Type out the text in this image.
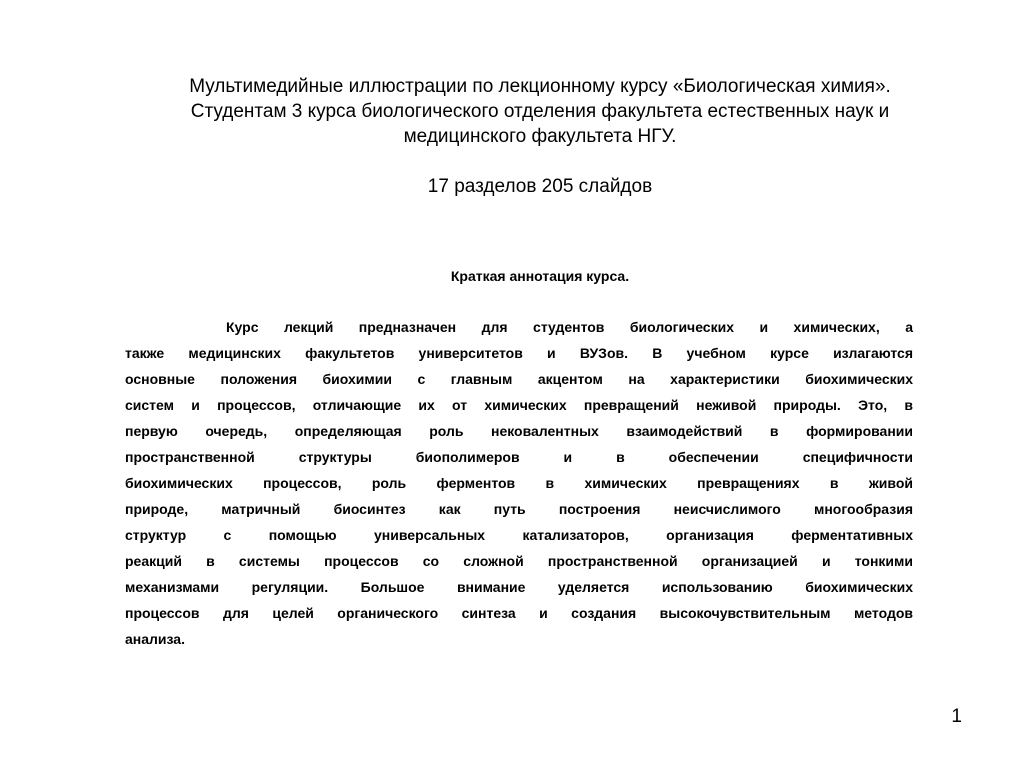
Мультимедийные иллюстрации по лекционному курсу «Биологическая химия».
Студентам 3 курса биологического отделения факультета естественных наук и
медицинского факультета НГУ.
17 разделов 205 слайдов
Краткая аннотация курса.
Курс лекций предназначен для студентов биологических и химических, а
также медицинских факультетов университетов и ВУЗов. В учебном курсе излагаются
основные положения биохимии с главным акцентом на характеристики биохимических
систем и процессов, отличающие их от химических превращений неживой природы. Это, в
первую очередь, определяющая роль нековалентных взаимодействий в формировании
пространственной структуры биополимеров и в обеспечении специфичности
биохимических процессов, роль ферментов в химических превращениях в живой
природе, матричный биосинтез как путь построения неисчислимого многообразия
структур с помощью универсальных катализаторов, организация ферментативных
реакций в системы процессов со сложной пространственной организацией и тонкими
механизмами регуляции. Большое внимание уделяется использованию биохимических
процессов для целей органического синтеза и создания высокочувствительным методов
анализа.
1
